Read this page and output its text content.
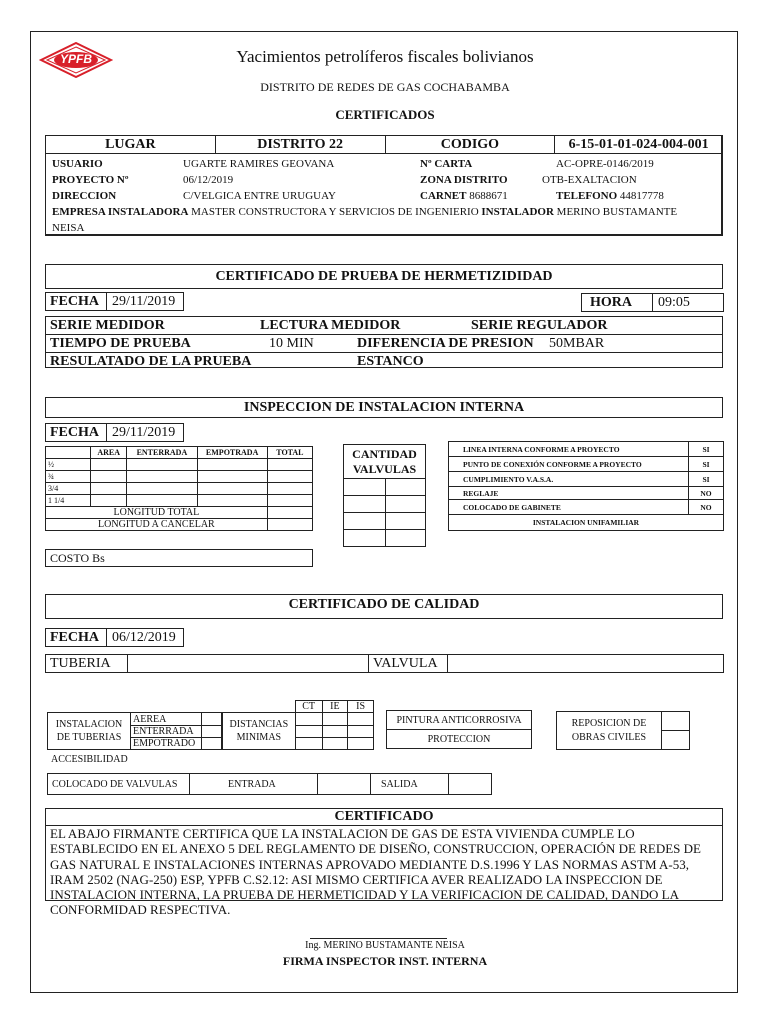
YPFB	Yacimientos petrolíferos fiscales bolivianos
DISTRITO DE REDES DE GAS COCHABAMBA
CERTIFICADOS
LUGAR	DISTRITO 22	CODIGO	6-15-01-01-024-004-001
USUARIO	UGARTE RAMIRES GEOVANA	Nº CARTA	AC-OPRE-0146/2019
PROYECTO Nº	06/12/2019	ZONA DISTRITO	OTB-EXALTACION
DIRECCION	C/VELGICA ENTRE URUGUAY	CARNET 8688671	TELEFONO 44817778
EMPRESA INSTALADORA MASTER CONSTRUCTORA Y SERVICIOS DE INGENIERIO INSTALADOR MERINO BUSTAMANTE
NEISA
CERTIFICADO DE PRUEBA DE HERMETIZIDIDAD
FECHA 29/11/2019	HORA 09:05
SERIE MEDIDOR	LECTURA MEDIDOR	SERIE REGULADOR
TIEMPO DE PRUEBA	10 MIN	DIFERENCIA DE PRESION 50MBAR
RESULATADO DE LA PRUEBA	ESTANCO
INSPECCION DE INSTALACION INTERNA
FECHA 29/11/2019
	AREA	ENTERRADA	EMPOTRADA	TOTAL
½				
¾				
3/4				
1 1/4				
LONGITUD TOTAL				
LONGITUD A CANCELAR				
COSTO Bs
CANTIDAD
VALVULAS	

LINEA INTERNA CONFORME A PROYECTO	SI
PUNTO DE CONEXIÓN CONFORME A PROYECTO	SI
CUMPLIMIENTO V.A.S.A.	SI
REGLAJE	NO
COLOCADO DE GABINETE	NO
INSTALACION UNIFAMILIAR	
CERTIFICADO DE CALIDAD
FECHA 06/12/2019
TUBERIA		VALVULA	
INSTALACION DE TUBERIAS	AEREA	
	ENTERRADA	
	EMPOTRADO	
	CT	IE	IS
DISTANCIAS MINIMAS			

PINTURA ANTICORROSIVA
PROTECCION
REPOSICION DE OBRAS CIVILES	

ACCESIBILIDAD
COLOCADO DE VALVULAS	ENTRADA		SALIDA	
CERTIFICADO
EL ABAJO FIRMANTE CERTIFICA QUE LA INSTALACION DE GAS DE ESTA VIVIENDA CUMPLE LO ESTABLECIDO EN EL ANEXO 5 DEL REGLAMENTO DE DISEÑO, CONSTRUCCION, OPERACIÓN DE REDES DE GAS NATURAL E INSTALACIONES INTERNAS APROVADO MEDIANTE D.S.1996 Y LAS NORMAS ASTM A-53, IRAM 2502 (NAG-250) ESP, YPFB C.S2.12: ASI MISMO CERTIFICA AVER REALIZADO LA INSPECCION DE INSTALACION INTERNA, LA PRUEBA DE HERMETICIDAD Y LA VERIFICACION DE CALIDAD, DANDO LA CONFORMIDAD RESPECTIVA.
Ing. MERINO BUSTAMANTE NEISA
FIRMA INSPECTOR INST. INTERNA
